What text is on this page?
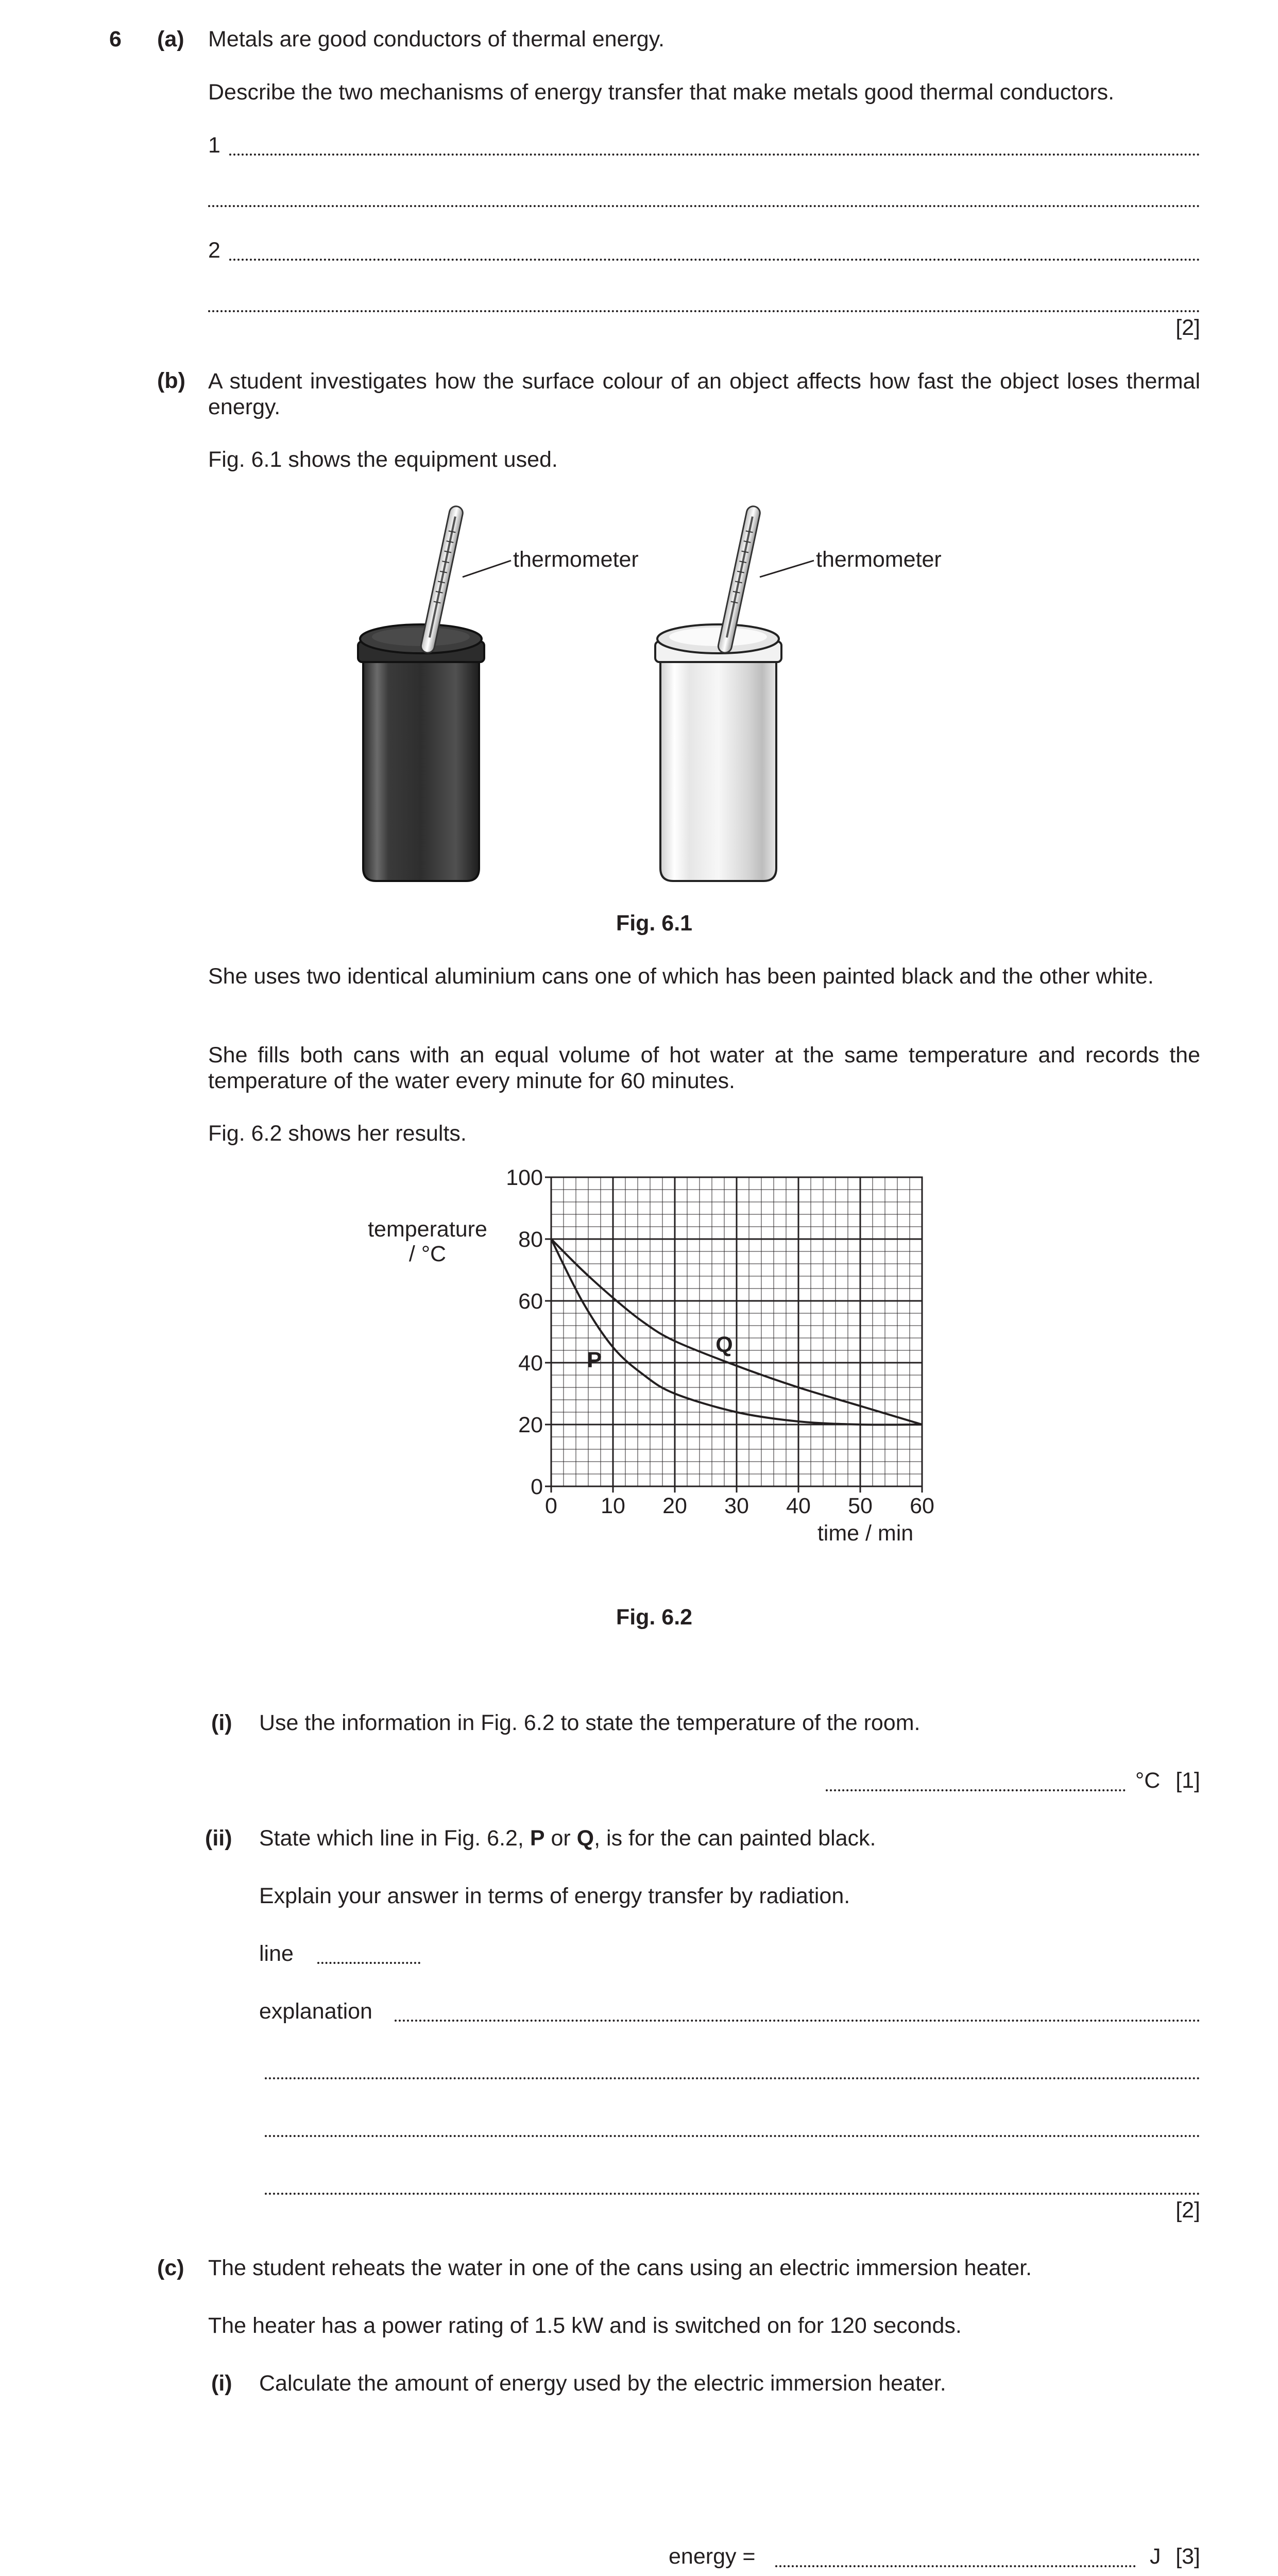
6 (a) Metals are good conductors of thermal energy.
Describe the two mechanisms of energy transfer that make metals good thermal conductors.
1
2
[2]
(b) A student investigates how the surface colour of an object affects how fast the object loses thermal energy.
Fig. 6.1 shows the equipment used.
thermometer	thermometer
Fig. 6.1
She uses two identical aluminium cans one of which has been painted black and the other white.
She fills both cans with an equal volume of hot water at the same temperature and records the temperature of the water every minute for 60 minutes.
Fig. 6.2 shows her results.
0 10 20 30 40 50 60
0
20
40
60
80
100
P
Q
temperature
/ °C
time / min
Fig. 6.2
(i) Use the information in Fig. 6.2 to state the temperature of the room.
°C [1]
(ii) State which line in Fig. 6.2, P or Q, is for the can painted black.
Explain your answer in terms of energy transfer by radiation.
line
explanation
[2]
(c) The student reheats the water in one of the cans using an electric immersion heater.
The heater has a power rating of 1.5 kW and is switched on for 120 seconds.
(i) Calculate the amount of energy used by the electric immersion heater.
energy =	J [3]
